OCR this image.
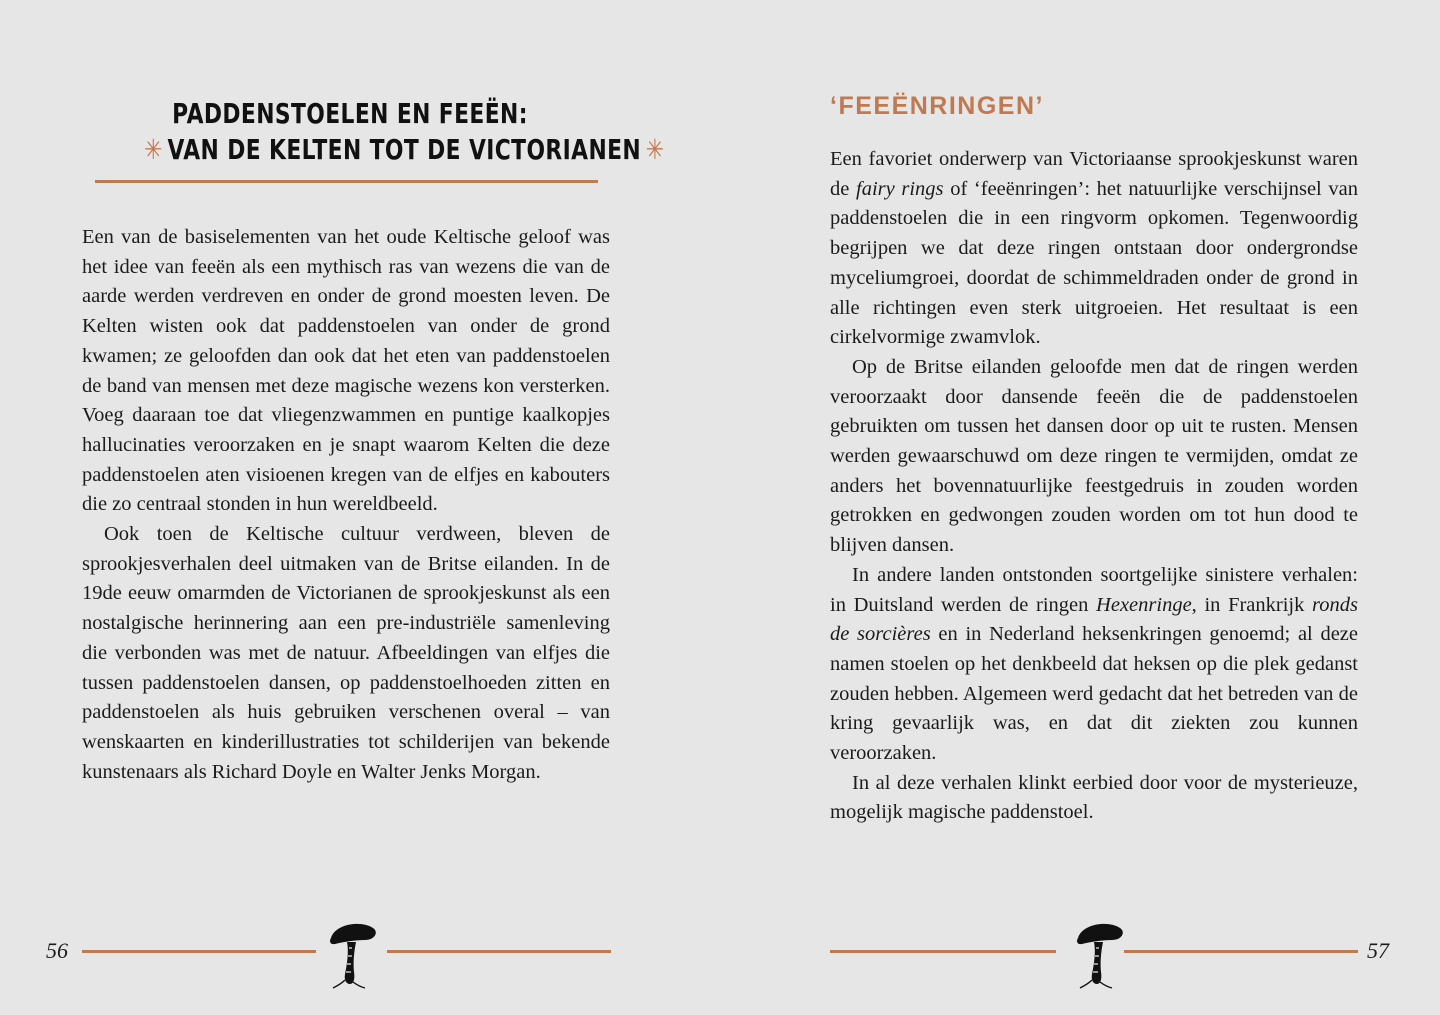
PADDENSTOELEN EN FEEËN:
✳ VAN DE KELTEN TOT DE VICTORIANEN ✳

Een van de basiselementen van het oude Keltische geloof was het idee van feeën als een mythisch ras van wezens die van de aarde werden verdreven en onder de grond moesten leven. De Kelten wisten ook dat paddenstoelen van onder de grond kwamen; ze geloofden dan ook dat het eten van paddenstoelen de band van mensen met deze magische wezens kon versterken. Voeg daaraan toe dat vliegenzwammen en puntige kaalkopjes hallucinaties veroorzaken en je snapt waarom Kelten die deze paddenstoelen aten visioenen kregen van de elfjes en kabouters die zo centraal stonden in hun wereldbeeld.

Ook toen de Keltische cultuur verdween, bleven de sprookjesverhalen deel uitmaken van de Britse eilanden. In de 19de eeuw omarmden de Victorianen de sprookjeskunst als een nostalgische herinnering aan een pre-industriële samenleving die verbonden was met de natuur. Afbeeldingen van elfjes die tussen paddenstoelen dansen, op paddenstoelhoeden zitten en paddenstoelen als huis gebruiken verschenen overal – van wenskaarten en kinderillustraties tot schilderijen van bekende kunstenaars als Richard Doyle en Walter Jenks Morgan.

56
‘FEEËNRINGEN’

Een favoriet onderwerp van Victoriaanse sprookjeskunst waren de fairy rings of ‘feeënringen’: het natuurlijke verschijnsel van paddenstoelen die in een ringvorm opkomen. Tegenwoordig begrijpen we dat deze ringen ontstaan door ondergrondse myceliumgroei, doordat de schimmeldraden onder de grond in alle richtingen even sterk uitgroeien. Het resultaat is een cirkelvormige zwamvlok.

Op de Britse eilanden geloofde men dat de ringen werden veroorzaakt door dansende feeën die de paddenstoelen gebruikten om tussen het dansen door op uit te rusten. Mensen werden gewaarschuwd om deze ringen te vermijden, omdat ze anders het bovennatuurlijke feestgedruis in zouden worden getrokken en gedwongen zouden worden om tot hun dood te blijven dansen.

In andere landen ontstonden soortgelijke sinistere verhalen: in Duitsland werden de ringen Hexenringe, in Frankrijk ronds de sorcières en in Nederland heksenkringen genoemd; al deze namen stoelen op het denkbeeld dat heksen op die plek gedanst zouden hebben. Algemeen werd gedacht dat het betreden van de kring gevaarlijk was, en dat dit ziekten zou kunnen veroorzaken.

In al deze verhalen klinkt eerbied door voor de mysterieuze, mogelijk magische paddenstoel.

57
